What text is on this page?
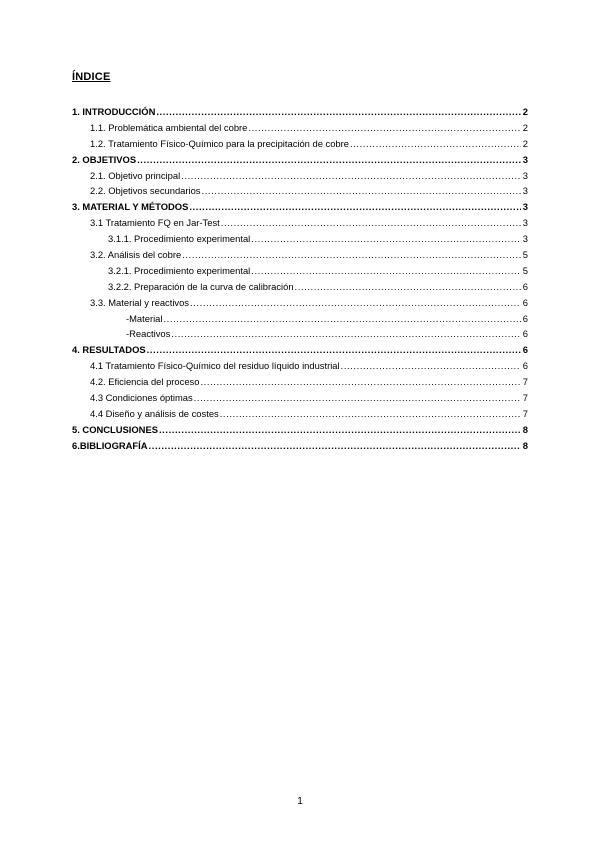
ÍNDICE
1. INTRODUCCIÓN .....	2
1.1. Problemática ambiental del cobre .....	2
1.2. Tratamiento Físico-Químico para la precipitación de cobre .....	2
2. OBJETIVOS .....	3
2.1. Objetivo principal .....	3
2.2. Objetivos secundarios .....	3
3. MATERIAL Y MÉTODOS .....	3
3.1 Tratamiento FQ en Jar-Test .....	3
3.1.1. Procedimiento experimental .....	3
3.2. Análisis del cobre .....	5
3.2.1. Procedimiento experimental .....	5
3.2.2. Preparación de la curva de calibración .....	6
3.3. Material y reactivos .....	6
-Material .....	6
-Reactivos .....	6
4. RESULTADOS .....	6
4.1 Tratamiento Físico-Químico del residuo líquido industrial .....	6
4.2. Eficiencia del proceso .....	7
4.3 Condiciones óptimas .....	7
4.4 Diseño y análisis de costes .....	7
5. CONCLUSIONES .....	8
6.BIBLIOGRAFÍA .....	8
1
